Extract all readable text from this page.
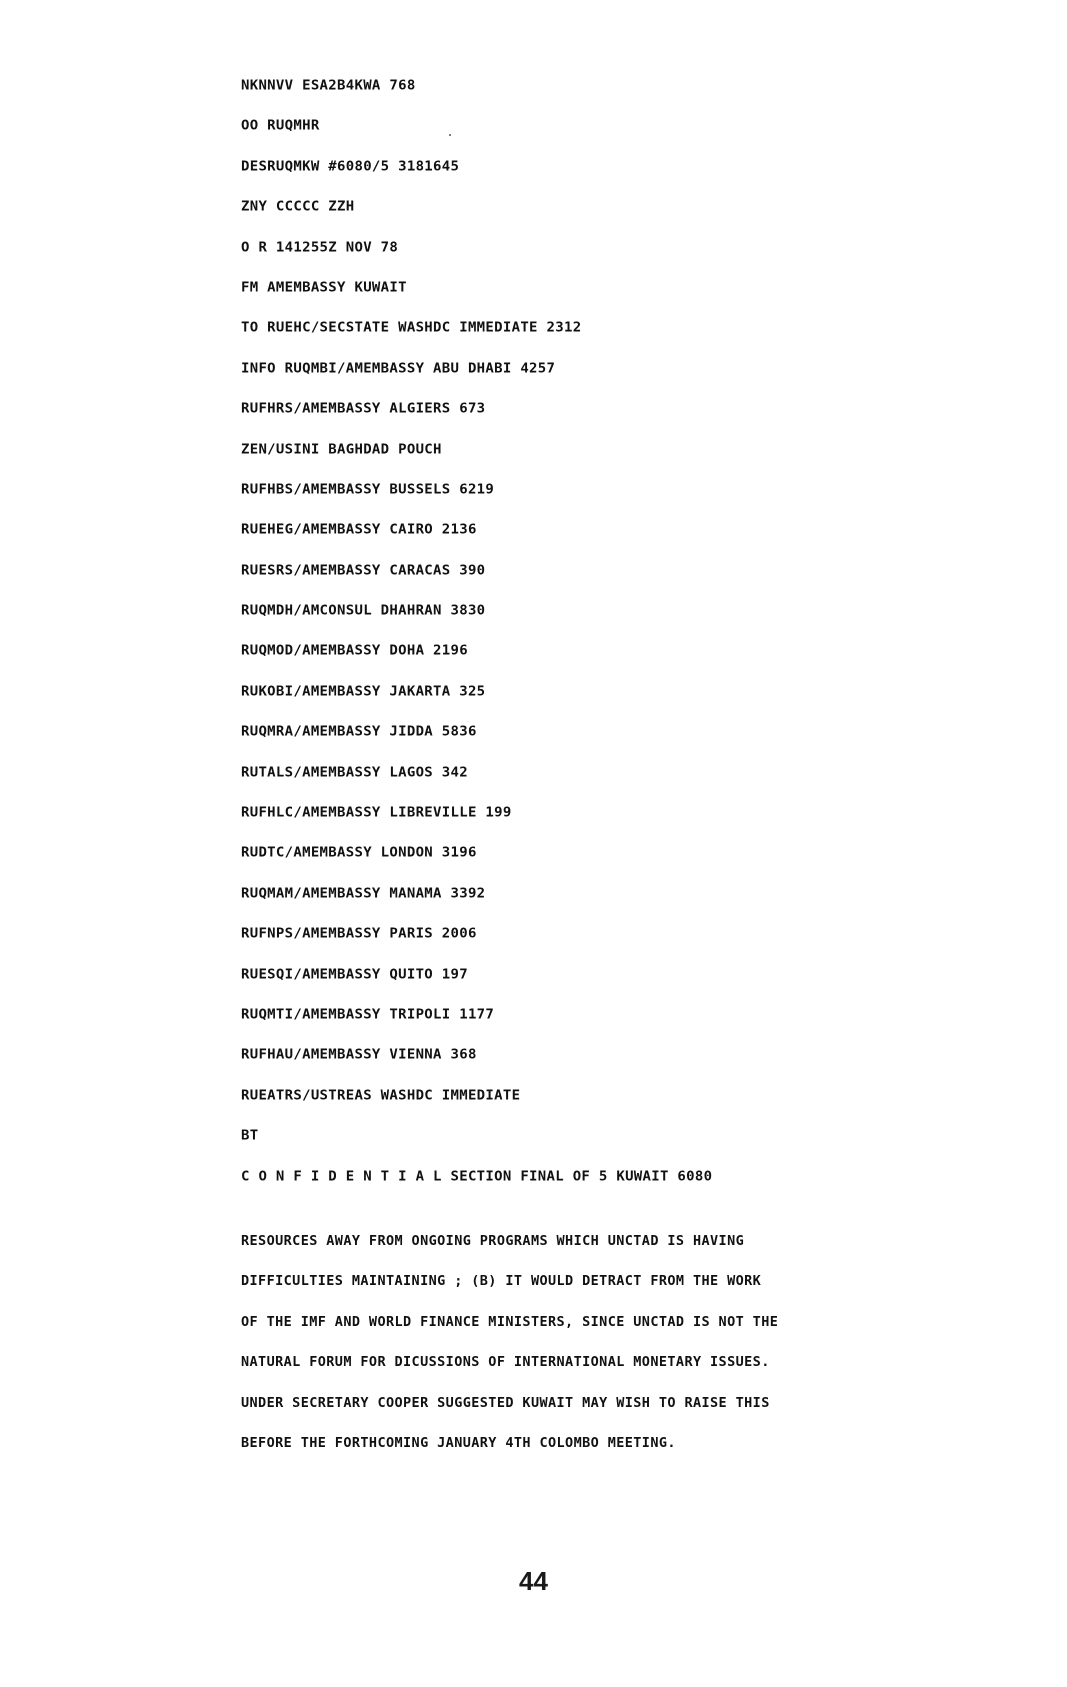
NKNNVV ESA2B4KWA 768
OO RUQMHR
DESRUQMKW #6080/5 3181645
ZNY CCCCC ZZH
O R 141255Z NOV 78
FM AMEMBASSY KUWAIT
TO RUEHC/SECSTATE WASHDC IMMEDIATE 2312
INFO RUQMBI/AMEMBASSY ABU DHABI 4257
RUFHRS/AMEMBASSY ALGIERS 673
ZEN/USINI BAGHDAD POUCH
RUFHBS/AMEMBASSY BUSSELS 6219
RUEHEG/AMEMBASSY CAIRO 2136
RUESRS/AMEMBASSY CARACAS 390
RUQMDH/AMCONSUL DHAHRAN 3830
RUQMOD/AMEMBASSY DOHA 2196
RUKOBI/AMEMBASSY JAKARTA 325
RUQMRA/AMEMBASSY JIDDA 5836
RUTALS/AMEMBASSY LAGOS 342
RUFHLC/AMEMBASSY LIBREVILLE 199
RUDTC/AMEMBASSY LONDON 3196
RUQMAM/AMEMBASSY MANAMA 3392
RUFNPS/AMEMBASSY PARIS 2006
RUESQI/AMEMBASSY QUITO 197
RUQMTI/AMEMBASSY TRIPOLI 1177
RUFHAU/AMEMBASSY VIENNA 368
RUEATRS/USTREAS WASHDC IMMEDIATE
BT
C O N F I D E N T I A L SECTION FINAL OF 5 KUWAIT 6080
RESOURCES AWAY FROM ONGOING PROGRAMS WHICH UNCTAD IS HAVING
DIFFICULTIES MAINTAINING ; (B) IT WOULD DETRACT FROM THE WORK
OF THE IMF AND WORLD FINANCE MINISTERS, SINCE UNCTAD IS NOT THE
NATURAL FORUM FOR DICUSSIONS OF INTERNATIONAL MONETARY ISSUES.
UNDER SECRETARY COOPER SUGGESTED KUWAIT MAY WISH TO RAISE THIS
BEFORE THE FORTHCOMING JANUARY 4TH COLOMBO MEETING.
44
